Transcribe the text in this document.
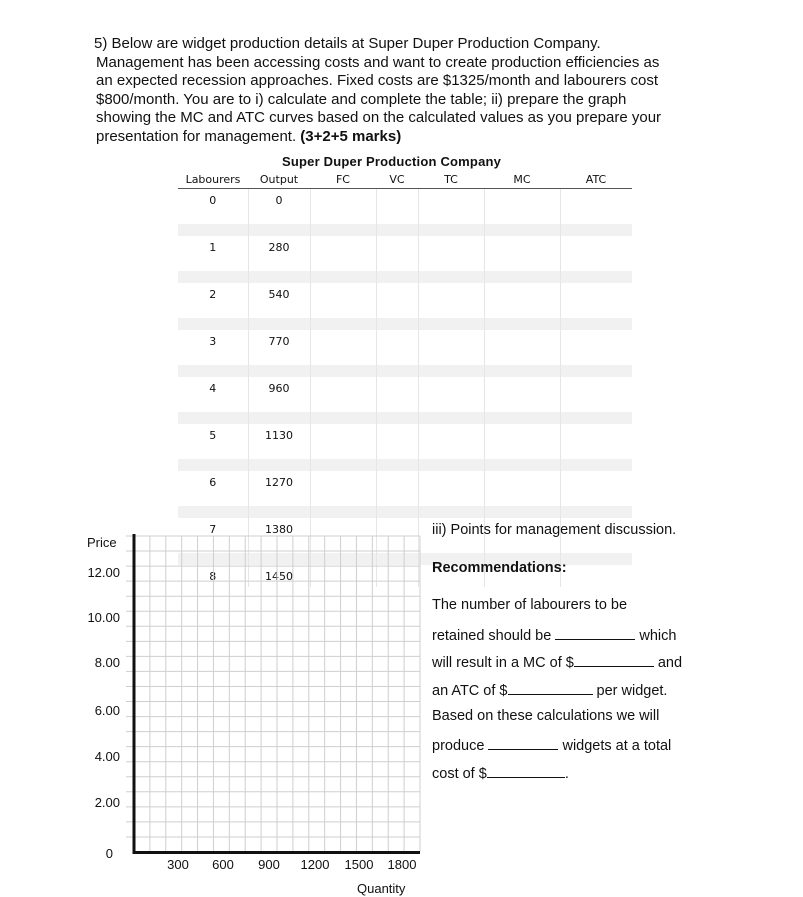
5) Below are widget production details at Super Duper Production Company.
Management has been accessing costs and want to create production efficiencies as
an expected recession approaches. Fixed costs are $1325/month and labourers cost
$800/month. You are to i) calculate and complete the table; ii) prepare the graph
showing the MC and ATC curves based on the calculated values as you prepare your
presentation for management. (3+2+5 marks)
Super Duper Production Company
Labourers	Output	FC	VC	TC	MC	ATC
0	0					

1	280					

2	540					

3	770					

4	960					

5	1130					

6	1270					

7	1380					

8	1450					
Price
12.00
10.00
8.00
6.00
4.00
2.00
0
300 600 900 1200 1500 1800
Quantity
iii) Points for management discussion.
Recommendations:
The number of labourers to be
retained should be	which
will result in a MC of $	and
an ATC of $	per widget.
Based on these calculations we will
produce	widgets at a total
cost of $	.
